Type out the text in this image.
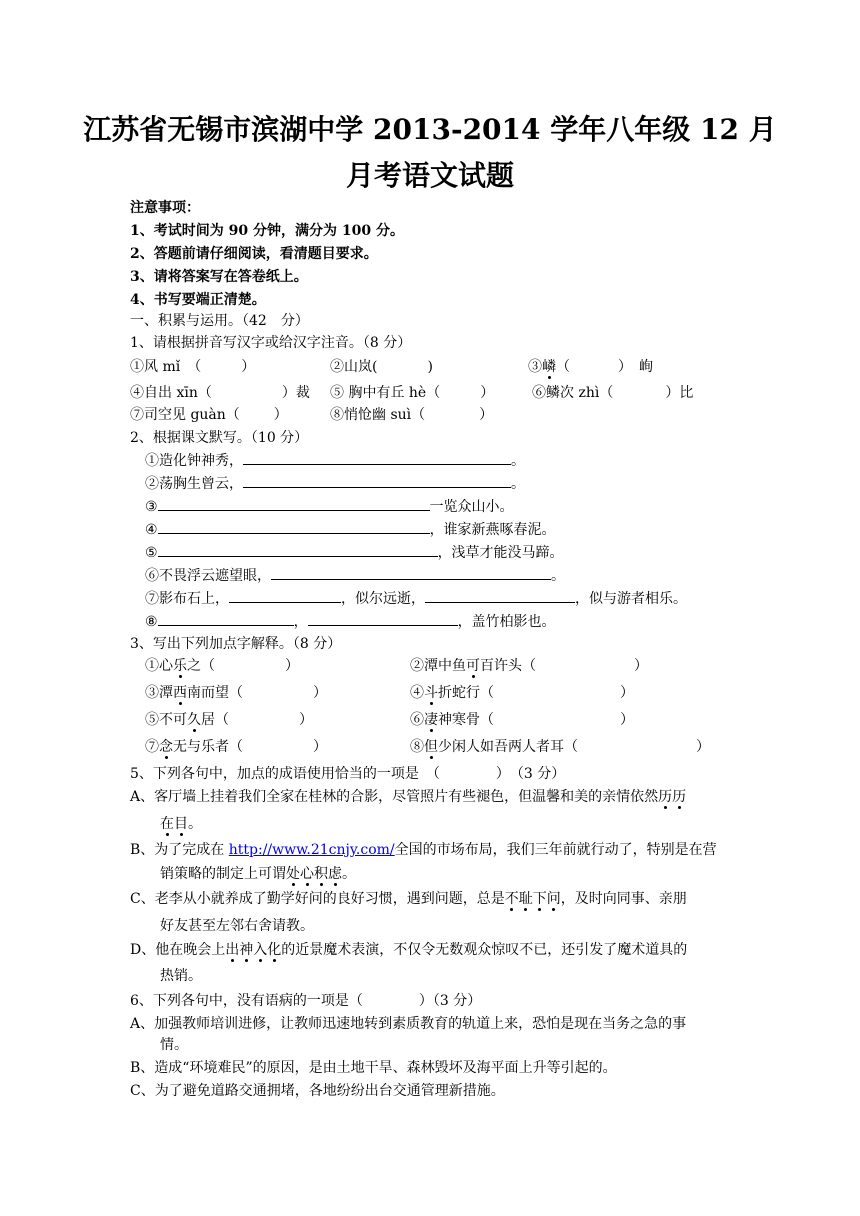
江苏省无锡市滨湖中学 2013-2014 学年八年级 12 月
月考语文试题
注意事项：
1、考试时间为 90 分钟，满分为 100 分。
2、答题前请仔细阅读，看清题目要求。
3、请将答案写在答卷纸上。
4、书写要端正清楚。
一、积累与运用。（42　分）
1、请根据拼音写汉字或给汉字注音。（8 分）
①风 mǐ　（	）	②山岚(	)	③嶙（	）　峋
④自出 xīn（	）裁 ⑤ 胸中有丘 hè（	）	⑥鳞次 zhì（	）比
⑦司空见 guàn（ ）	⑧悄怆幽 suì（	）
2、根据课文默写。（10 分）
①造化钟神秀，	。
②荡胸生曾云，	。
③	一览众山小。
④	，谁家新燕啄春泥。
⑤	，浅草才能没马蹄。
⑥不畏浮云遮望眼，	。
⑦影布石上，	，似尔远逝，	，似与游者相乐。
⑧	，	，盖竹柏影也。
3、写出下列加点字解释。（8 分）
①心乐之（	）	②潭中鱼可百许头（	）
③潭西南而望（	）	④斗折蛇行（	）
⑤不可久居（	）	⑥凄神寒骨（	）
⑦念无与乐者（	）	⑧但少闲人如吾两人者耳（	）
5、下列各句中，加点的成语使用恰当的一项是　（　　　　）　（3 分）
A、客厅墙上挂着我们全家在桂林的合影，尽管照片有些褪色，但温馨和美的亲情依然历历
在目。
B、为了完成在 http://www.21cnjy.com/全国的市场布局，我们三年前就行动了，特别是在营
销策略的制定上可谓处心积虑。
C、老李从小就养成了勤学好问的良好习惯，遇到问题，总是不耻下问，及时向同事、亲朋
好友甚至左邻右舍请教。
D、他在晚会上出神入化的近景魔术表演，不仅令无数观众惊叹不已，还引发了魔术道具的
热销。
6、下列各句中，没有语病的一项是（　　　　）（3 分）
A、加强教师培训进修，让教师迅速地转到素质教育的轨道上来，恐怕是现在当务之急的事
情。
B、造成“环境难民”的原因，是由土地干旱、森林毁坏及海平面上升等引起的。
C、为了避免道路交通拥堵，各地纷纷出台交通管理新措施。
